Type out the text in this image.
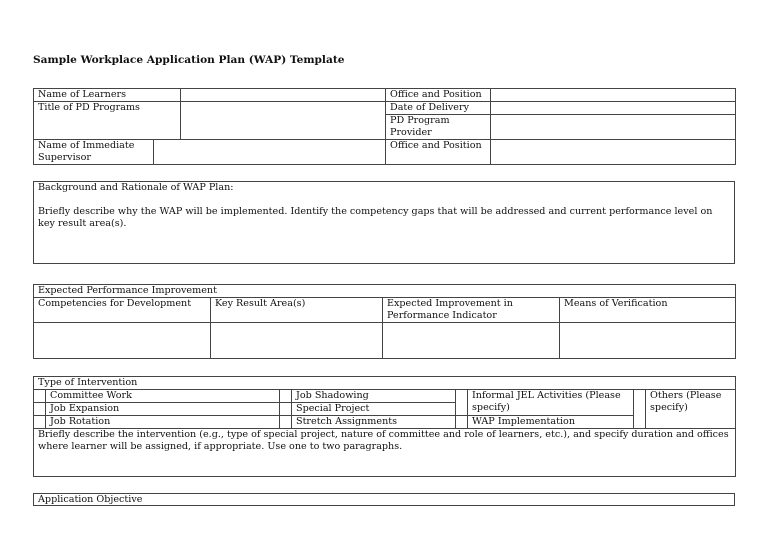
Sample Workplace Application Plan (WAP) Template
Name of Learners			Office and Position	
Title of PD Programs			Date of Delivery	
			PD Program Provider	
Name of Immediate Supervisor			Office and Position	

Background and Rationale of WAP Plan:

Briefly describe why the WAP will be implemented. Identify the competency gaps that will be addressed and current performance level on key result area(s).

Expected Performance Improvement			
Competencies for Development	Key Result Area(s)	Expected Improvement in Performance Indicator	Means of Verification

Type of Intervention							
	Committee Work		Job Shadowing		Informal JEL Activities (Please specify)		Others (Please specify)
	Job Expansion		Special Project				
	Job Rotation		Stretch Assignments		WAP Implementation		
Briefly describe the intervention (e.g., type of special project, nature of committee and role of learners, etc.), and specify duration and offices where learner will be assigned, if appropriate. Use one to two paragraphs.							

Application Objective
